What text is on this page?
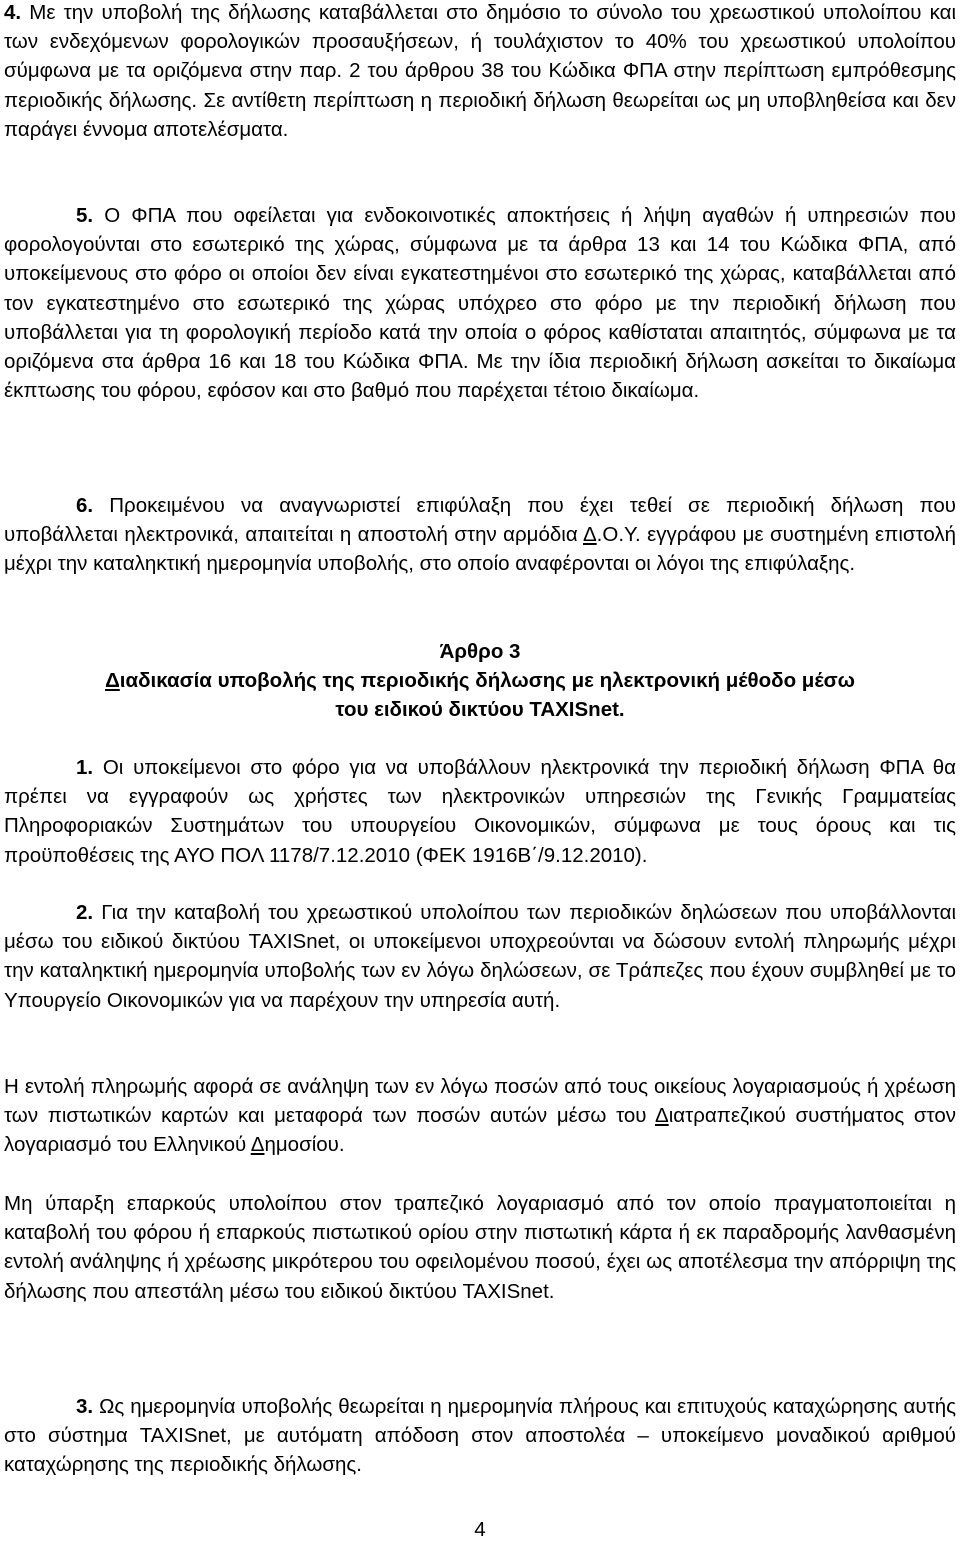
4. Με την υποβολή της δήλωσης καταβάλλεται στο δημόσιο το σύνολο του χρεωστικού υπολοίπου και των ενδεχόμενων φορολογικών προσαυξήσεων, ή τουλάχιστον το 40% του χρεωστικού υπολοίπου σύμφωνα με τα οριζόμενα στην παρ. 2 του άρθρου 38 του Κώδικα ΦΠΑ στην περίπτωση εμπρόθεσμης περιοδικής δήλωσης. Σε αντίθετη περίπτωση η περιοδική δήλωση θεωρείται ως μη υποβληθείσα και δεν παράγει έννομα αποτελέσματα.

5. Ο ΦΠΑ που οφείλεται για ενδοκοινοτικές αποκτήσεις ή λήψη αγαθών ή υπηρεσιών που φορολογούνται στο εσωτερικό της χώρας, σύμφωνα με τα άρθρα 13 και 14 του Κώδικα ΦΠΑ, από υποκείμενους στο φόρο οι οποίοι δεν είναι εγκατεστημένοι στο εσωτερικό της χώρας, καταβάλλεται από τον εγκατεστημένο στο εσωτερικό της χώρας υπόχρεο στο φόρο με την περιοδική δήλωση που υποβάλλεται για τη φορολογική περίοδο κατά την οποία ο φόρος καθίσταται απαιτητός, σύμφωνα με τα οριζόμενα στα άρθρα 16 και 18 του Κώδικα ΦΠΑ. Με την ίδια περιοδική δήλωση ασκείται το δικαίωμα έκπτωσης του φόρου, εφόσον και στο βαθμό που παρέχεται τέτοιο δικαίωμα.

6. Προκειμένου να αναγνωριστεί επιφύλαξη που έχει τεθεί σε περιοδική δήλωση που υποβάλλεται ηλεκτρονικά, απαιτείται η αποστολή στην αρμόδια Δ.Ο.Υ. εγγράφου με συστημένη επιστολή μέχρι την καταληκτική ημερομηνία υποβολής, στο οποίο αναφέρονται οι λόγοι της επιφύλαξης.

Άρθρο 3

Διαδικασία υποβολής της περιοδικής δήλωσης με ηλεκτρονική μέθοδο μέσω

του ειδικού δικτύου TAXISnet.

1. Οι υποκείμενοι στο φόρο για να υποβάλλουν ηλεκτρονικά την περιοδική δήλωση ΦΠΑ θα πρέπει να εγγραφούν ως χρήστες των ηλεκτρονικών υπηρεσιών της Γενικής Γραμματείας Πληροφοριακών Συστημάτων του υπουργείου Οικονομικών, σύμφωνα με τους όρους και τις προϋποθέσεις της ΑΥΟ ΠΟΛ 1178/7.12.2010 (ΦΕΚ 1916Β΄/9.12.2010).

2. Για την καταβολή του χρεωστικού υπολοίπου των περιοδικών δηλώσεων που υποβάλλονται μέσω του ειδικού δικτύου TAXISnet, οι υποκείμενοι υποχρεούνται να δώσουν εντολή πληρωμής μέχρι την καταληκτική ημερομηνία υποβολής των εν λόγω δηλώσεων, σε Τράπεζες που έχουν συμβληθεί με το Υπουργείο Οικονομικών για να παρέχουν την υπηρεσία αυτή.

Η εντολή πληρωμής αφορά σε ανάληψη των εν λόγω ποσών από τους οικείους λογαριασμούς ή χρέωση των πιστωτικών καρτών και μεταφορά των ποσών αυτών μέσω του Διατραπεζικού συστήματος στον λογαριασμό του Ελληνικού Δημοσίου.

Μη ύπαρξη επαρκούς υπολοίπου στον τραπεζικό λογαριασμό από τον οποίο πραγματοποιείται η καταβολή του φόρου ή επαρκούς πιστωτικού ορίου στην πιστωτική κάρτα ή εκ παραδρομής λανθασμένη εντολή ανάληψης ή χρέωσης μικρότερου του οφειλομένου ποσού, έχει ως αποτέλεσμα την απόρριψη της δήλωσης που απεστάλη μέσω του ειδικού δικτύου TAXISnet.

3. Ως ημερομηνία υποβολής θεωρείται η ημερομηνία πλήρους και επιτυχούς καταχώρησης αυτής στο σύστημα TAXISnet, με αυτόματη απόδοση στον αποστολέα – υποκείμενο μοναδικού αριθμού καταχώρησης της περιοδικής δήλωσης.

4
